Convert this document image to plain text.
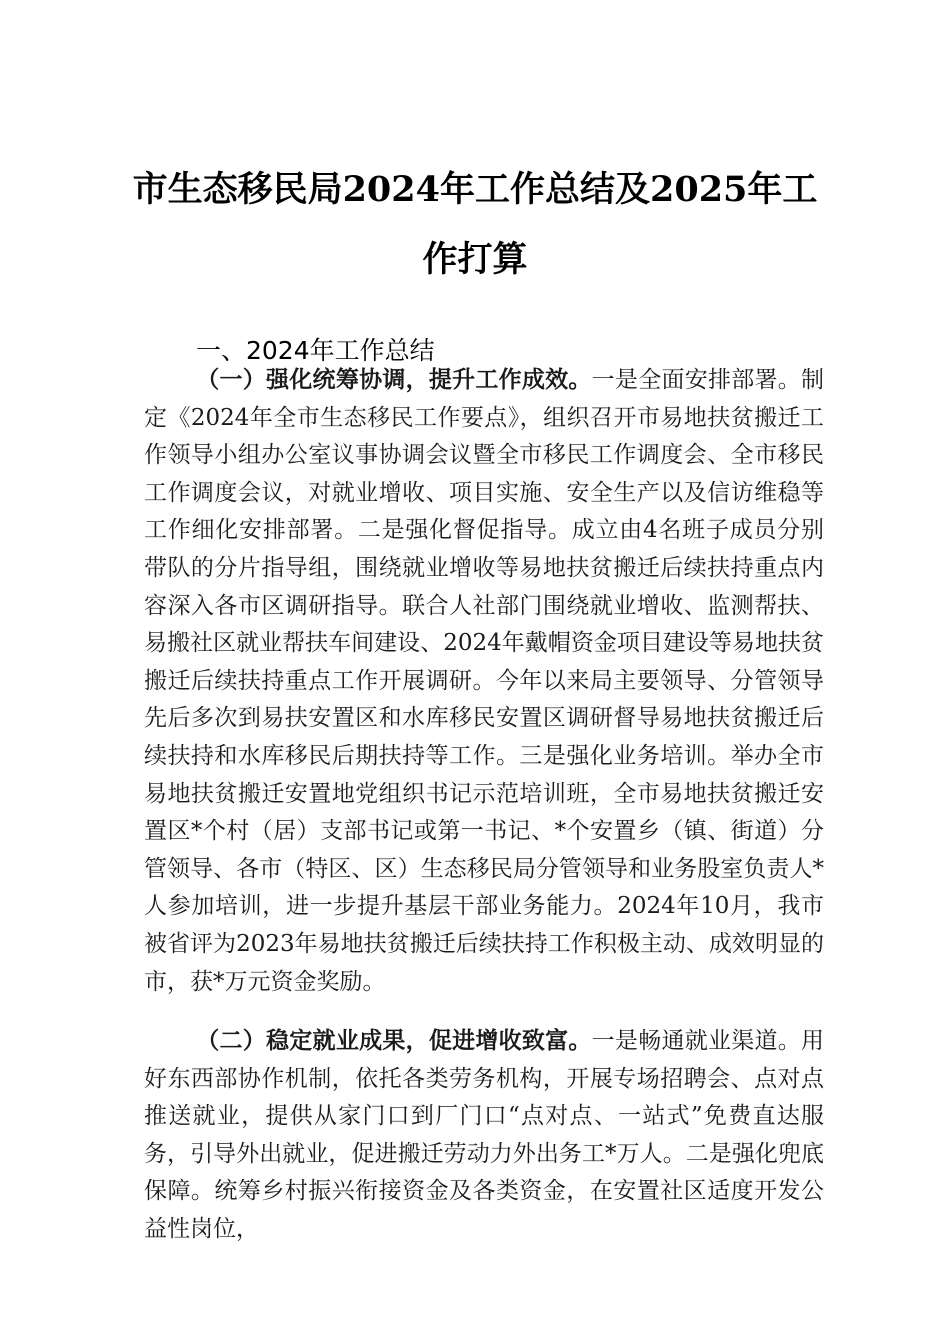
市生态移民局2024年工作总结及2025年工
作打算
一、2024年工作总结

（一）强化统筹协调，提升工作成效。一是全面安排部署。制定《2024年全市生态移民工作要点》，组织召开市易地扶贫搬迁工作领导小组办公室议事协调会议暨全市移民工作调度会、全市移民工作调度会议，对就业增收、项目实施、安全生产以及信访维稳等工作细化安排部署。二是强化督促指导。成立由4名班子成员分别带队的分片指导组，围绕就业增收等易地扶贫搬迁后续扶持重点内容深入各市区调研指导。联合人社部门围绕就业增收、监测帮扶、易搬社区就业帮扶车间建设、2024年戴帽资金项目建设等易地扶贫搬迁后续扶持重点工作开展调研。今年以来局主要领导、分管领导先后多次到易扶安置区和水库移民安置区调研督导易地扶贫搬迁后续扶持和水库移民后期扶持等工作。三是强化业务培训。举办全市易地扶贫搬迁安置地党组织书记示范培训班，全市易地扶贫搬迁安置区*个村（居）支部书记或第一书记、*个安置乡（镇、街道）分管领导、各市（特区、区）生态移民局分管领导和业务股室负责人*人参加培训，进一步提升基层干部业务能力。2024年10月，我市被省评为2023年易地扶贫搬迁后续扶持工作积极主动、成效明显的市，获*万元资金奖励。

（二）稳定就业成果，促进增收致富。一是畅通就业渠道。用好东西部协作机制，依托各类劳务机构，开展专场招聘会、点对点推送就业，提供从家门口到厂门口“点对点、一站式”免费直达服务，引导外出就业，促进搬迁劳动力外出务工*万人。二是强化兜底保障。统筹乡村振兴衔接资金及各类资金，在安置社区适度开发公益性岗位，
